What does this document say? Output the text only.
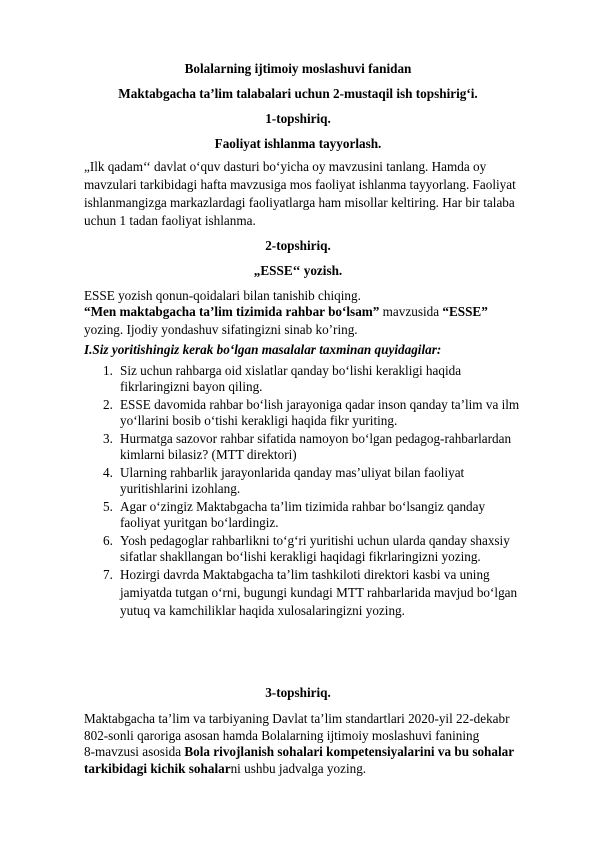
Bolalarning ijtimoiy moslashuvi fanidan
Maktabgacha ta’lim talabalari uchun 2-mustaqil ish topshirig‘i.
1-topshiriq.
Faoliyat ishlanma tayyorlash.
„Ilk qadam‘‘ davlat o‘quv dasturi bo‘yicha oy mavzusini tanlang. Hamda oy
mavzulari tarkibidagi hafta mavzusiga mos faoliyat ishlanma tayyorlang. Faoliyat
ishlanmangizga markazlardagi faoliyatlarga ham misollar keltiring. Har bir talaba
uchun 1 tadan faoliyat ishlanma.
2-topshiriq.
„ESSE‘‘ yozish.
ESSE yozish qonun-qoidalari bilan tanishib chiqing.
“Men maktabgacha ta’lim tizimida rahbar bo‘lsam” mavzusida “ESSE”
yozing. Ijodiy yondashuv sifatingizni sinab ko’ring.
I.Siz yoritishingiz kerak bo‘lgan masalalar taxminan quyidagilar:
1. Siz uchun rahbarga oid xislatlar qanday bo‘lishi kerakligi haqida
fikrlaringizni bayon qiling.
2. ESSE davomida rahbar bo‘lish jarayoniga qadar inson qanday ta’lim va ilm
yo‘llarini bosib o‘tishi kerakligi haqida fikr yuriting.
3. Hurmatga sazovor rahbar sifatida namoyon bo‘lgan pedagog-rahbarlardan
kimlarni bilasiz? (MTT direktori)
4. Ularning rahbarlik jarayonlarida qanday mas’uliyat bilan faoliyat
yuritishlarini izohlang.
5. Agar o‘zingiz Maktabgacha ta’lim tizimida rahbar bo‘lsangiz qanday
faoliyat yuritgan bo‘lardingiz.
6. Yosh pedagoglar rahbarlikni to‘g‘ri yuritishi uchun ularda qanday shaxsiy
sifatlar shakllangan bo‘lishi kerakligi haqidagi fikrlaringizni yozing.
7. Hozirgi davrda Maktabgacha ta’lim tashkiloti direktori kasbi va uning
jamiyatda tutgan o‘rni, bugungi kundagi MTT rahbarlarida mavjud bo‘lgan
yutuq va kamchiliklar haqida xulosalaringizni yozing.
3-topshiriq.
Maktabgacha ta’lim va tarbiyaning Davlat ta’lim standartlari 2020-yil 22-dekabr
802-sonli qaroriga asosan hamda Bolalarning ijtimoiy moslashuvi fanining
8-mavzusi asosida Bola rivojlanish sohalari kompetensiyalarini va bu sohalar
tarkibidagi kichik sohalarni ushbu jadvalga yozing.
